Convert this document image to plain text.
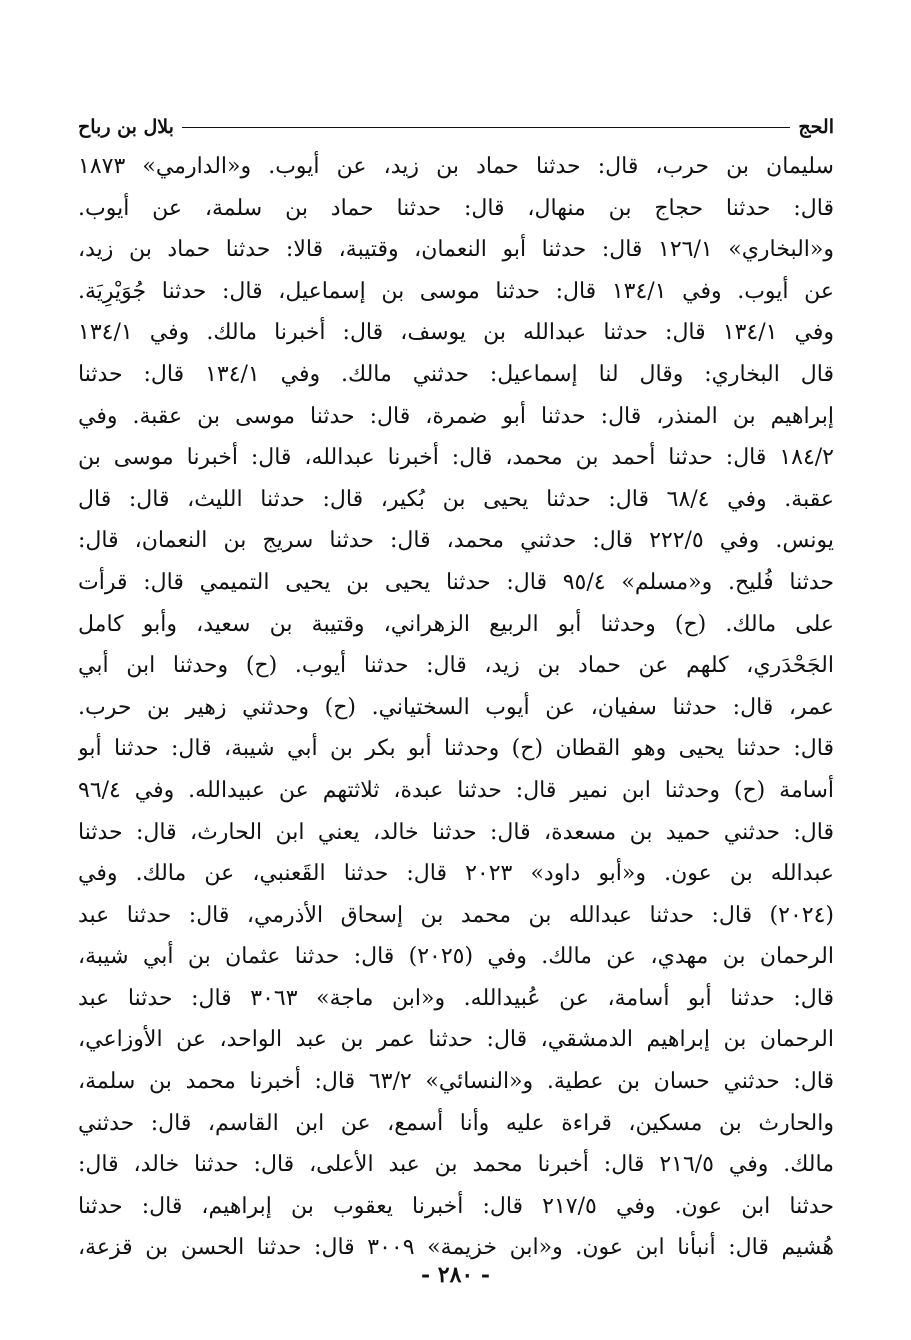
الحج
بلال بن رباح
سليمان بن حرب، قال: حدثنا حماد بن زيد، عن أيوب. و«الدارمي» ١٨٧٣
قال: حدثنا حجاج بن منهال، قال: حدثنا حماد بن سلمة، عن أيوب.
و«البخاري» ١٢٦/١ قال: حدثنا أبو النعمان، وقتيبة، قالا: حدثنا حماد بن زيد،
عن أيوب. وفي ١٣٤/١ قال: حدثنا موسى بن إسماعيل، قال: حدثنا جُوَيْرِيَة.
وفي ١٣٤/١ قال: حدثنا عبدالله بن يوسف، قال: أخبرنا مالك. وفي ١٣٤/١
قال البخاري: وقال لنا إسماعيل: حدثني مالك. وفي ١٣٤/١ قال: حدثنا
إبراهيم بن المنذر، قال: حدثنا أبو ضمرة، قال: حدثنا موسى بن عقبة. وفي
١٨٤/٢ قال: حدثنا أحمد بن محمد، قال: أخبرنا عبدالله، قال: أخبرنا موسى بن
عقبة. وفي ٦٨/٤ قال: حدثنا يحيى بن بُكير، قال: حدثنا الليث، قال: قال
يونس. وفي ٢٢٢/٥ قال: حدثني محمد، قال: حدثنا سريج بن النعمان، قال:
حدثنا فُليح. و«مسلم» ٩٥/٤ قال: حدثنا يحيى بن يحيى التميمي قال: قرأت
على مالك. (ح) وحدثنا أبو الربيع الزهراني، وقتيبة بن سعيد، وأبو كامل
الجَحْدَري، كلهم عن حماد بن زيد، قال: حدثنا أيوب. (ح) وحدثنا ابن أبي
عمر، قال: حدثنا سفيان، عن أيوب السختياني. (ح) وحدثني زهير بن حرب.
قال: حدثنا يحيى وهو القطان (ح) وحدثنا أبو بكر بن أبي شيبة، قال: حدثنا أبو
أسامة (ح) وحدثنا ابن نمير قال: حدثنا عبدة، ثلاثتهم عن عبيدالله. وفي ٩٦/٤
قال: حدثني حميد بن مسعدة، قال: حدثنا خالد، يعني ابن الحارث، قال: حدثنا
عبدالله بن عون. و«أبو داود» ٢٠٢٣ قال: حدثنا القَعنبي، عن مالك. وفي
(٢٠٢٤) قال: حدثنا عبدالله بن محمد بن إسحاق الأذرمي، قال: حدثنا عبد
الرحمان بن مهدي، عن مالك. وفي (٢٠٢٥) قال: حدثنا عثمان بن أبي شيبة،
قال: حدثنا أبو أسامة، عن عُبيدالله. و«ابن ماجة» ٣٠٦٣ قال: حدثنا عبد
الرحمان بن إبراهيم الدمشقي، قال: حدثنا عمر بن عبد الواحد، عن الأوزاعي،
قال: حدثني حسان بن عطية. و«النسائي» ٦٣/٢ قال: أخبرنا محمد بن سلمة،
والحارث بن مسكين، قراءة عليه وأنا أسمع، عن ابن القاسم، قال: حدثني
مالك. وفي ٢١٦/٥ قال: أخبرنا محمد بن عبد الأعلى، قال: حدثنا خالد، قال:
حدثنا ابن عون. وفي ٢١٧/٥ قال: أخبرنا يعقوب بن إبراهيم، قال: حدثنا
هُشيم قال: أنبأنا ابن عون. و«ابن خزيمة» ٣٠٠٩ قال: حدثنا الحسن بن قزعة،
- ٢٨٠ -
